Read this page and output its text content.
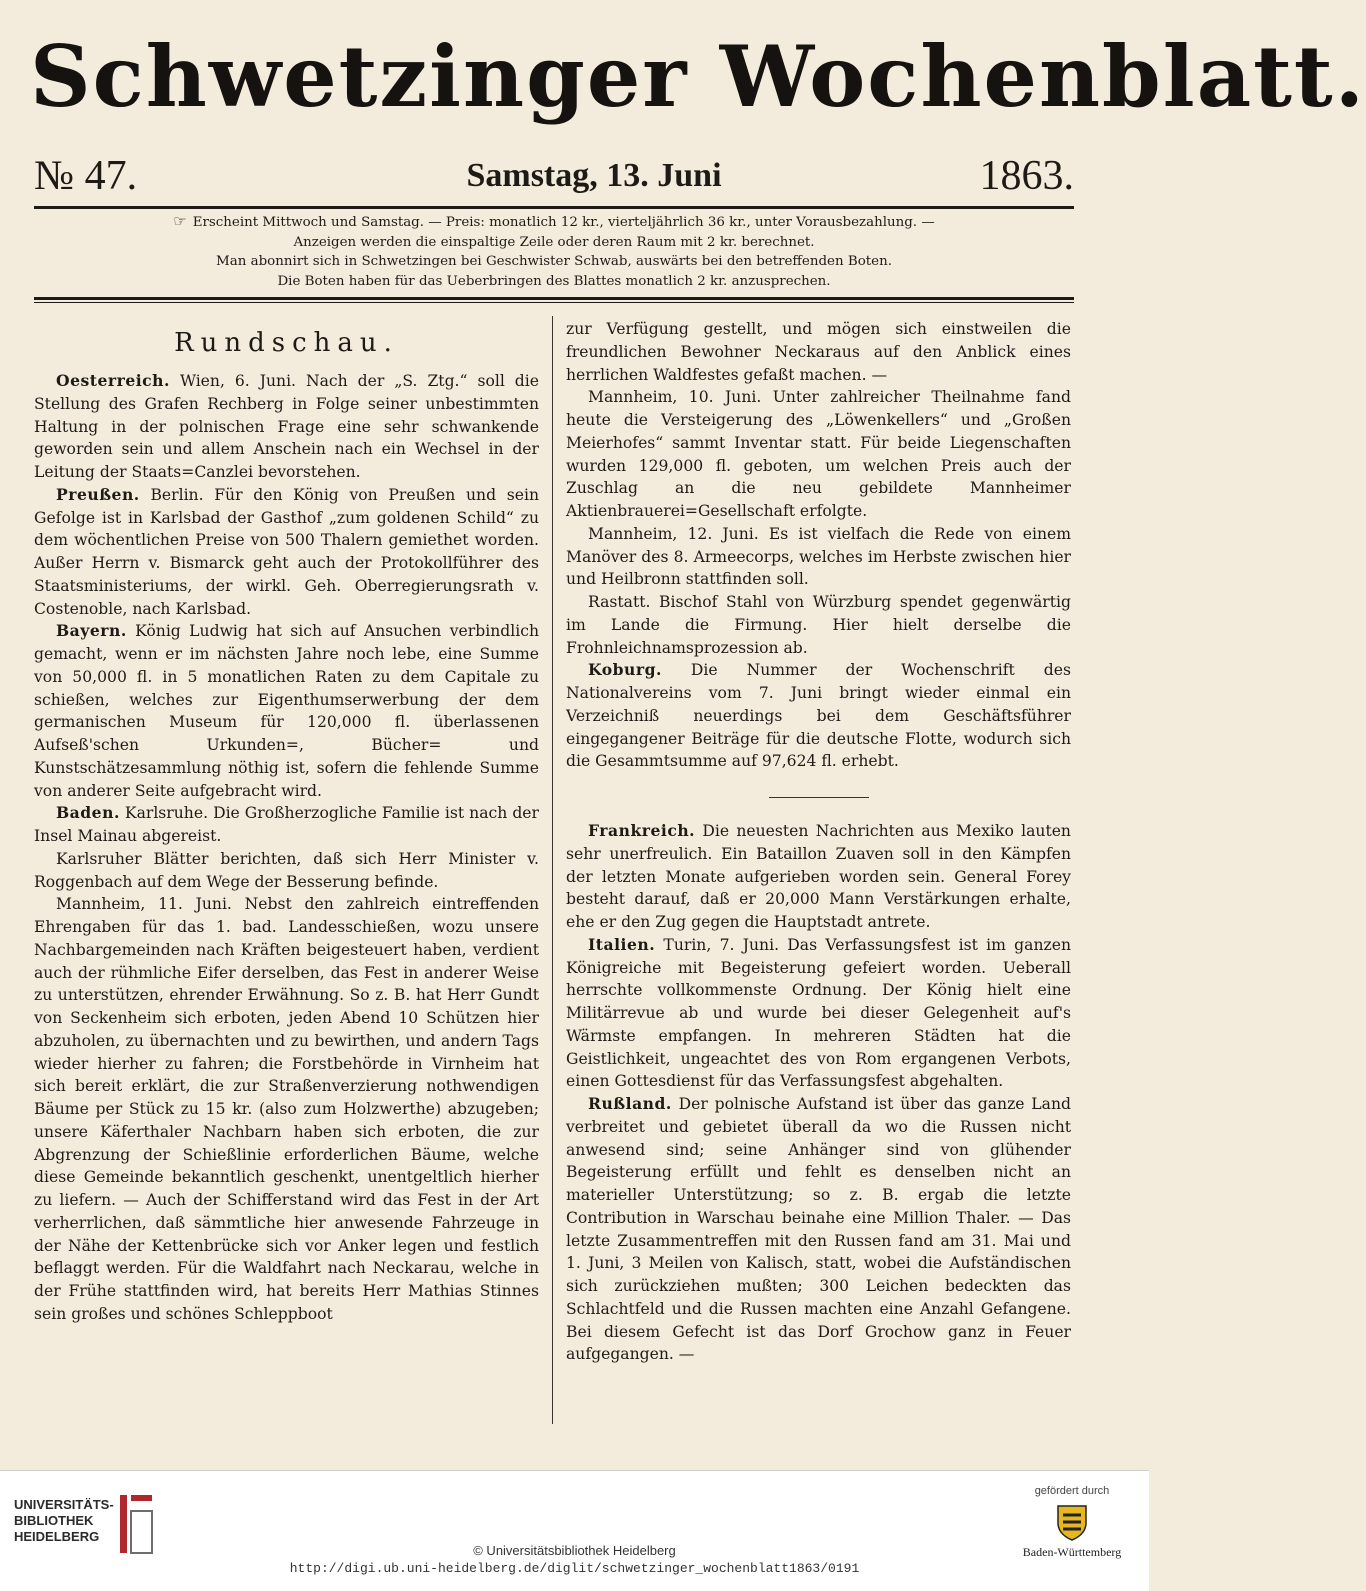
Schwetzinger Wochenblatt.
№ 47.	Samstag, 13. Juni	1863.
☞ Erscheint Mittwoch und Samstag. — Preis: monatlich 12 kr., vierteljährlich 36 kr., unter Vorausbezahlung. —
Anzeigen werden die einspaltige Zeile oder deren Raum mit 2 kr. berechnet.
Man abonnirt sich in Schwetzingen bei Geschwister Schwab, auswärts bei den betreffenden Boten.
Die Boten haben für das Ueberbringen des Blattes monatlich 2 kr. anzusprechen.
Rundschau.

Oesterreich. Wien, 6. Juni. Nach der „S. Ztg.“ soll die Stellung des Grafen Rechberg in Folge seiner unbestimmten Haltung in der polnischen Frage eine sehr schwankende geworden sein und allem Anschein nach ein Wechsel in der Leitung der Staats=Canzlei bevorstehen.

Preußen. Berlin. Für den König von Preußen und sein Gefolge ist in Karlsbad der Gasthof „zum goldenen Schild“ zu dem wöchentlichen Preise von 500 Thalern gemiethet worden. Außer Herrn v. Bismarck geht auch der Protokollführer des Staatsministeriums, der wirkl. Geh. Oberregierungsrath v. Costenoble, nach Karlsbad.

Bayern. König Ludwig hat sich auf Ansuchen verbindlich gemacht, wenn er im nächsten Jahre noch lebe, eine Summe von 50,000 fl. in 5 monatlichen Raten zu dem Capitale zu schießen, welches zur Eigenthumserwerbung der dem germanischen Museum für 120,000 fl. überlassenen Aufseß'schen Urkunden=, Bücher= und Kunstschätzesammlung nöthig ist, sofern die fehlende Summe von anderer Seite aufgebracht wird.

Baden. Karlsruhe. Die Großherzogliche Familie ist nach der Insel Mainau abgereist.

Karlsruher Blätter berichten, daß sich Herr Minister v. Roggenbach auf dem Wege der Besserung befinde.

Mannheim, 11. Juni. Nebst den zahlreich eintreffenden Ehrengaben für das 1. bad. Landesschießen, wozu unsere Nachbargemeinden nach Kräften beigesteuert haben, verdient auch der rühmliche Eifer derselben, das Fest in anderer Weise zu unterstützen, ehrender Erwähnung. So z. B. hat Herr Gundt von Seckenheim sich erboten, jeden Abend 10 Schützen hier abzuholen, zu übernachten und zu bewirthen, und andern Tags wieder hierher zu fahren; die Forstbehörde in Virnheim hat sich bereit erklärt, die zur Straßenverzierung nothwendigen Bäume per Stück zu 15 kr. (also zum Holzwerthe) abzugeben; unsere Käferthaler Nachbarn haben sich erboten, die zur Abgrenzung der Schießlinie erforderlichen Bäume, welche diese Gemeinde bekanntlich geschenkt, unentgeltlich hierher zu liefern. — Auch der Schifferstand wird das Fest in der Art verherrlichen, daß sämmtliche hier anwesende Fahrzeuge in der Nähe der Kettenbrücke sich vor Anker legen und festlich beflaggt werden. Für die Waldfahrt nach Neckarau, welche in der Frühe stattfinden wird, hat bereits Herr Mathias Stinnes sein großes und schönes Schleppboot

zur Verfügung gestellt, und mögen sich einstweilen die freundlichen Bewohner Neckaraus auf den Anblick eines herrlichen Waldfestes gefaßt machen. —

Mannheim, 10. Juni. Unter zahlreicher Theilnahme fand heute die Versteigerung des „Löwenkellers“ und „Großen Meierhofes“ sammt Inventar statt. Für beide Liegenschaften wurden 129,000 fl. geboten, um welchen Preis auch der Zuschlag an die neu gebildete Mannheimer Aktienbrauerei=Gesellschaft erfolgte.

Mannheim, 12. Juni. Es ist vielfach die Rede von einem Manöver des 8. Armeecorps, welches im Herbste zwischen hier und Heilbronn stattfinden soll.

Rastatt. Bischof Stahl von Würzburg spendet gegenwärtig im Lande die Firmung. Hier hielt derselbe die Frohnleichnamsprozession ab.

Koburg. Die Nummer der Wochenschrift des Nationalvereins vom 7. Juni bringt wieder einmal ein Verzeichniß neuerdings bei dem Geschäftsführer eingegangener Beiträge für die deutsche Flotte, wodurch sich die Gesammtsumme auf 97,624 fl. erhebt.

Frankreich. Die neuesten Nachrichten aus Mexiko lauten sehr unerfreulich. Ein Bataillon Zuaven soll in den Kämpfen der letzten Monate aufgerieben worden sein. General Forey besteht darauf, daß er 20,000 Mann Verstärkungen erhalte, ehe er den Zug gegen die Hauptstadt antrete.

Italien. Turin, 7. Juni. Das Verfassungsfest ist im ganzen Königreiche mit Begeisterung gefeiert worden. Ueberall herrschte vollkommenste Ordnung. Der König hielt eine Militärrevue ab und wurde bei dieser Gelegenheit auf's Wärmste empfangen. In mehreren Städten hat die Geistlichkeit, ungeachtet des von Rom ergangenen Verbots, einen Gottesdienst für das Verfassungsfest abgehalten.

Rußland. Der polnische Aufstand ist über das ganze Land verbreitet und gebietet überall da wo die Russen nicht anwesend sind; seine Anhänger sind von glühender Begeisterung erfüllt und fehlt es denselben nicht an materieller Unterstützung; so z. B. ergab die letzte Contribution in Warschau beinahe eine Million Thaler. — Das letzte Zusammentreffen mit den Russen fand am 31. Mai und 1. Juni, 3 Meilen von Kalisch, statt, wobei die Aufständischen sich zurückziehen mußten; 300 Leichen bedeckten das Schlachtfeld und die Russen machten eine Anzahl Gefangene. Bei diesem Gefecht ist das Dorf Grochow ganz in Feuer aufgegangen. —

UNIVERSITÄTS-
BIBLIOTHEK
HEIDELBERG
© Universitätsbibliothek Heidelberg
http://digi.ub.uni-heidelberg.de/diglit/schwetzinger_wochenblatt1863/0191
gefördert durch
Baden-Württemberg
